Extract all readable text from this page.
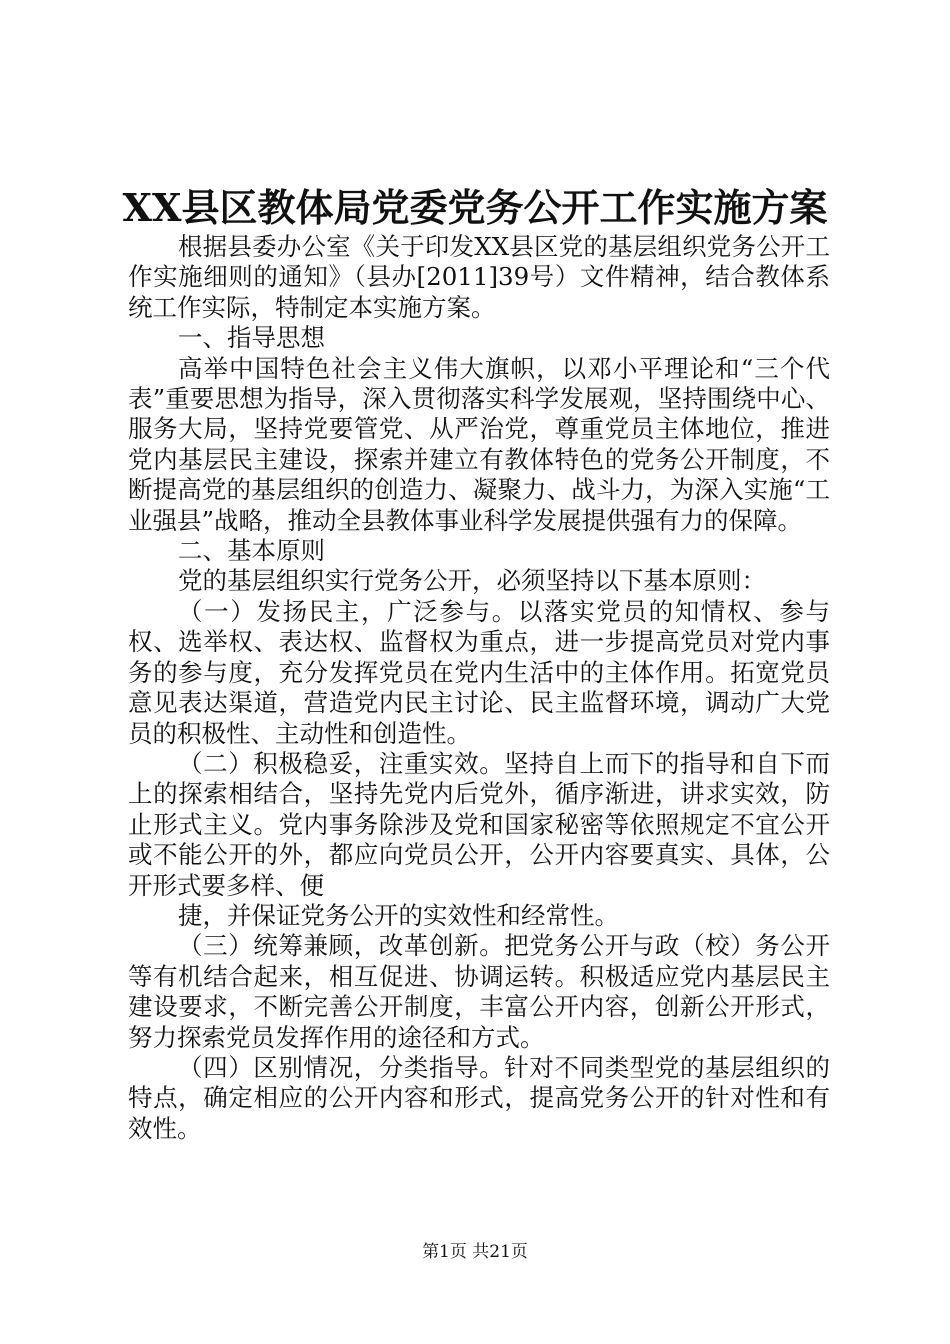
XX县区教体局党委党务公开工作实施方案

根据县委办公室《关于印发XX县区党的基层组织党务公开工作实施细则的通知》（县办[2011]39号）文件精神，结合教体系统工作实际，特制定本实施方案。

一、指导思想

高举中国特色社会主义伟大旗帜，以邓小平理论和“三个代表”重要思想为指导，深入贯彻落实科学发展观，坚持围绕中心、服务大局，坚持党要管党、从严治党，尊重党员主体地位，推进党内基层民主建设，探索并建立有教体特色的党务公开制度，不断提高党的基层组织的创造力、凝聚力、战斗力，为深入实施“工业强县”战略，推动全县教体事业科学发展提供强有力的保障。

二、基本原则

党的基层组织实行党务公开，必须坚持以下基本原则：

（一）发扬民主，广泛参与。以落实党员的知情权、参与权、选举权、表达权、监督权为重点，进一步提高党员对党内事务的参与度，充分发挥党员在党内生活中的主体作用。拓宽党员意见表达渠道，营造党内民主讨论、民主监督环境，调动广大党员的积极性、主动性和创造性。

（二）积极稳妥，注重实效。坚持自上而下的指导和自下而上的探索相结合，坚持先党内后党外，循序渐进，讲求实效，防止形式主义。党内事务除涉及党和国家秘密等依照规定不宜公开或不能公开的外，都应向党员公开，公开内容要真实、具体，公开形式要多样、便

捷，并保证党务公开的实效性和经常性。

（三）统筹兼顾，改革创新。把党务公开与政（校）务公开等有机结合起来，相互促进、协调运转。积极适应党内基层民主建设要求，不断完善公开制度，丰富公开内容，创新公开形式，努力探索党员发挥作用的途径和方式。

（四）区别情况，分类指导。针对不同类型党的基层组织的特点，确定相应的公开内容和形式，提高党务公开的针对性和有效性。

第1页 共21页
